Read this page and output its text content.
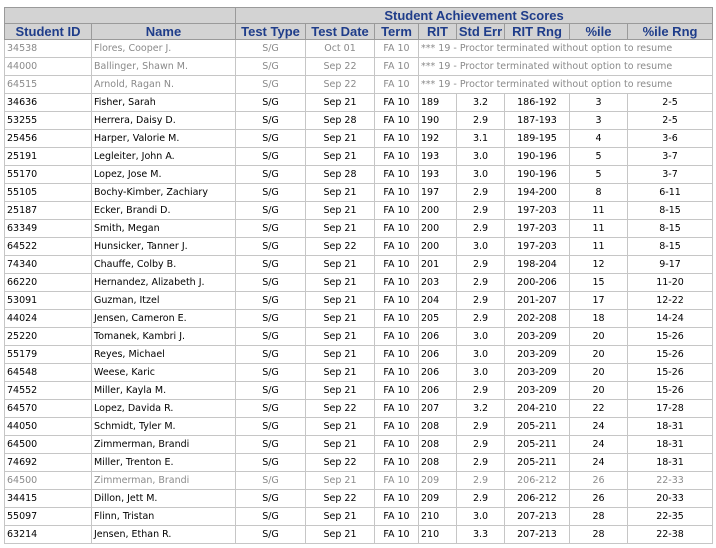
		Student Achievement Scores							
Student ID	Name	Test Type	Test Date	Term	RIT	Std Err	RIT Rng	%ile	%ile Rng
34538	Flores, Cooper J.	S/G	Oct 01	FA 10	*** 19 - Proctor terminated without option to resume				
44000	Ballinger, Shawn M.	S/G	Sep 22	FA 10	*** 19 - Proctor terminated without option to resume				
64515	Arnold, Ragan N.	S/G	Sep 22	FA 10	*** 19 - Proctor terminated without option to resume				
34636	Fisher, Sarah	S/G	Sep 21	FA 10	189	3.2	186-192	3	2-5
53255	Herrera, Daisy D.	S/G	Sep 28	FA 10	190	2.9	187-193	3	2-5
25456	Harper, Valorie M.	S/G	Sep 21	FA 10	192	3.1	189-195	4	3-6
25191	Legleiter, John A.	S/G	Sep 21	FA 10	193	3.0	190-196	5	3-7
55170	Lopez, Jose M.	S/G	Sep 28	FA 10	193	3.0	190-196	5	3-7
55105	Bochy-Kimber, Zachiary	S/G	Sep 21	FA 10	197	2.9	194-200	8	6-11
25187	Ecker, Brandi D.	S/G	Sep 21	FA 10	200	2.9	197-203	11	8-15
63349	Smith, Megan	S/G	Sep 21	FA 10	200	2.9	197-203	11	8-15
64522	Hunsicker, Tanner J.	S/G	Sep 22	FA 10	200	3.0	197-203	11	8-15
74340	Chauffe, Colby B.	S/G	Sep 21	FA 10	201	2.9	198-204	12	9-17
66220	Hernandez, Alizabeth J.	S/G	Sep 21	FA 10	203	2.9	200-206	15	11-20
53091	Guzman, Itzel	S/G	Sep 21	FA 10	204	2.9	201-207	17	12-22
44024	Jensen, Cameron E.	S/G	Sep 21	FA 10	205	2.9	202-208	18	14-24
25220	Tomanek, Kambri J.	S/G	Sep 21	FA 10	206	3.0	203-209	20	15-26
55179	Reyes, Michael	S/G	Sep 21	FA 10	206	3.0	203-209	20	15-26
64548	Weese, Karic	S/G	Sep 21	FA 10	206	3.0	203-209	20	15-26
74552	Miller, Kayla M.	S/G	Sep 21	FA 10	206	2.9	203-209	20	15-26
64570	Lopez, Davida R.	S/G	Sep 22	FA 10	207	3.2	204-210	22	17-28
44050	Schmidt, Tyler M.	S/G	Sep 21	FA 10	208	2.9	205-211	24	18-31
64500	Zimmerman, Brandi	S/G	Sep 21	FA 10	208	2.9	205-211	24	18-31
74692	Miller, Trenton E.	S/G	Sep 22	FA 10	208	2.9	205-211	24	18-31
64500	Zimmerman, Brandi	S/G	Sep 21	FA 10	209	2.9	206-212	26	22-33
34415	Dillon, Jett M.	S/G	Sep 22	FA 10	209	2.9	206-212	26	20-33
55097	Flinn, Tristan	S/G	Sep 21	FA 10	210	3.0	207-213	28	22-35
63214	Jensen, Ethan R.	S/G	Sep 21	FA 10	210	3.3	207-213	28	22-38
